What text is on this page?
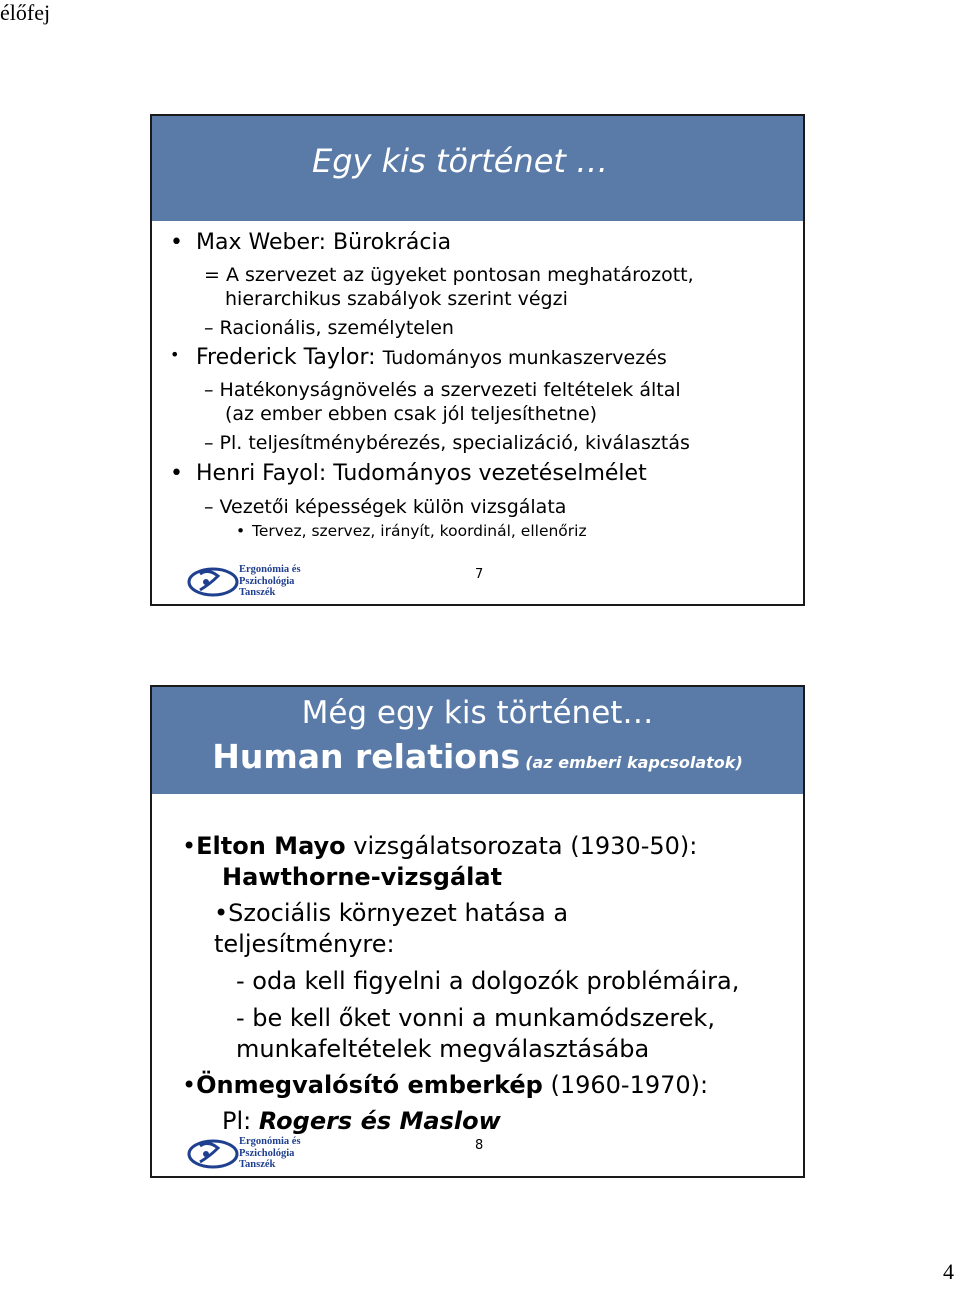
élőfej
Egy kis történet …
• Max Weber: Bürokrácia
= A szervezet az ügyeket pontosan meghatározott,
hierarchikus szabályok szerint végzi
– Racionális, személytelen
• Frederick Taylor: Tudományos munkaszervezés
– Hatékonyságnövelés a szervezeti feltételek által
(az ember ebben csak jól teljesíthetne)
– Pl. teljesítménybérezés, specializáció, kiválasztás
• Henri Fayol: Tudományos vezetéselmélet
– Vezetői képességek külön vizsgálata
• Tervez, szervez, irányít, koordinál, ellenőriz
Ergonómia és
Pszichológia
Tanszék
7
Még egy kis történet…
Human relations (az emberi kapcsolatok)
•Elton Mayo vizsgálatsorozata (1930-50):
Hawthorne-vizsgálat
•Szociális környezet hatása a
teljesítményre:
- oda kell figyelni a dolgozók problémáira,
- be kell őket vonni a munkamódszerek,
munkafeltételek megválasztásába
•Önmegvalósító emberkép (1960-1970):
Pl: Rogers és Maslow
Ergonómia és
Pszichológia
Tanszék
8
4
